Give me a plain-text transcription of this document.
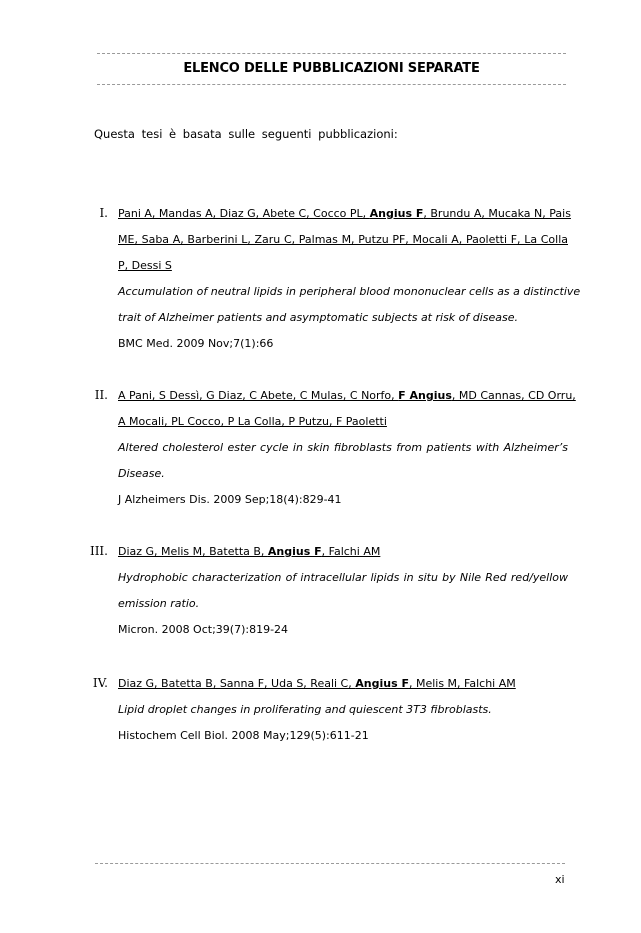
ELENCO DELLE PUBBLICAZIONI SEPARATE
Questa tesi è basata sulle seguenti pubblicazioni:
I. Pani A, Mandas A, Diaz G, Abete C, Cocco PL, Angius F, Brundu A, Mucaka N, Pais
ME, Saba A, Barberini L, Zaru C, Palmas M, Putzu PF, Mocali A, Paoletti F, La Colla
P, Dessi S
Accumulation of neutral lipids in peripheral blood mononuclear cells as a distinctive
trait of Alzheimer patients and asymptomatic subjects at risk of disease.
BMC Med. 2009 Nov;7(1):66
II. A Pani, S Dessì, G Diaz, C Abete, C Mulas, C Norfo, F Angius, MD Cannas, CD Orru,
A Mocali, PL Cocco, P La Colla, P Putzu, F Paoletti
Altered cholesterol ester cycle in skin fibroblasts from patients with Alzheimer’s
Disease.
J Alzheimers Dis. 2009 Sep;18(4):829-41
III. Diaz G, Melis M, Batetta B, Angius F, Falchi AM
Hydrophobic characterization of intracellular lipids in situ by Nile Red red/yellow
emission ratio.
Micron. 2008 Oct;39(7):819-24
IV. Diaz G, Batetta B, Sanna F, Uda S, Reali C, Angius F, Melis M, Falchi AM
Lipid droplet changes in proliferating and quiescent 3T3 fibroblasts.
Histochem Cell Biol. 2008 May;129(5):611-21
xi
